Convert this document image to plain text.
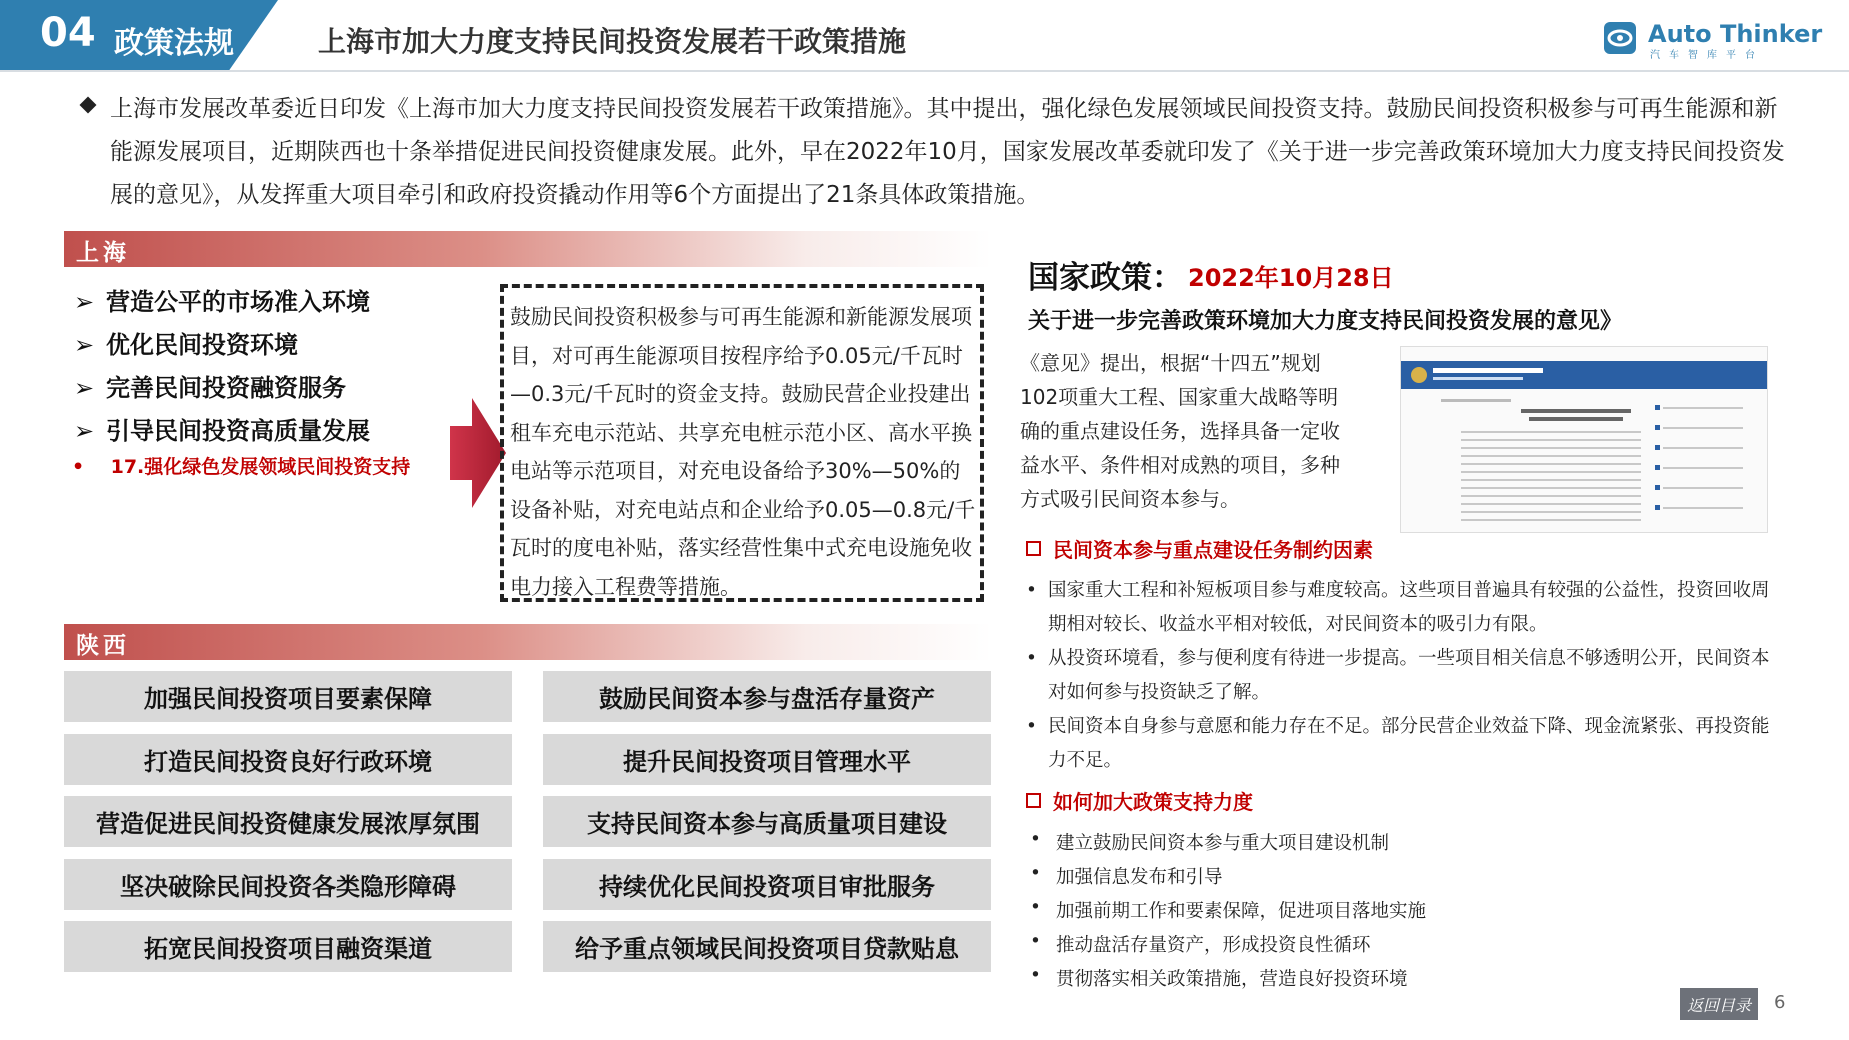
04 政策法规	上海市加大力度支持民间投资发展若干政策措施	Auto Thinker
汽车智库平台
上海市发展改革委近日印发《上海市加大力度支持民间投资发展若干政策措施》。其中提出，强化绿色发展领域民间投资支持。鼓励民间投资积极参与可再生能源和新能源发展项目，近期陕西也十条举措促进民间投资健康发展。此外，早在2022年10月，国家发展改革委就印发了《关于进一步完善政策环境加大力度支持民间投资发展的意见》，从发挥重大项目牵引和政府投资撬动作用等6个方面提出了21条具体政策措施。
上海
➢ 营造公平的市场准入环境
➢ 优化民间投资环境
➢ 完善民间投资融资服务
➢ 引导民间投资高质量发展
•    17.强化绿色发展领域民间投资支持
鼓励民间投资积极参与可再生能源和新能源发展项目，对可再生能源项目按程序给予0.05元/千瓦时—0.3元/千瓦时的资金支持。鼓励民营企业投建出租车充电示范站、共享充电桩示范小区、高水平换电站等示范项目，对充电设备给予30%—50%的设备补贴，对充电站点和企业给予0.05—0.8元/千瓦时的度电补贴，落实经营性集中式充电设施免收电力接入工程费等措施。
陕西
加强民间投资项目要素保障
打造民间投资良好行政环境
营造促进民间投资健康发展浓厚氛围
坚决破除民间投资各类隐形障碍
拓宽民间投资项目融资渠道
鼓励民间资本参与盘活存量资产
提升民间投资项目管理水平
支持民间资本参与高质量项目建设
持续优化民间投资项目审批服务
给予重点领域民间投资项目贷款贴息
国家政策： 2022年10月28日
关于进一步完善政策环境加大力度支持民间投资发展的意见》
《意见》提出，根据“十四五”规划102项重大工程、国家重大战略等明确的重点建设任务，选择具备一定收益水平、条件相对成熟的项目，多种方式吸引民间资本参与。
民间资本参与重点建设任务制约因素
• 国家重大工程和补短板项目参与难度较高。这些项目普遍具有较强的公益性，投资回收周期相对较长、收益水平相对较低，对民间资本的吸引力有限。
• 从投资环境看，参与便利度有待进一步提高。一些项目相关信息不够透明公开，民间资本对如何参与投资缺乏了解。
• 民间资本自身参与意愿和能力存在不足。部分民营企业效益下降、现金流紧张、再投资能力不足。
如何加大政策支持力度
• 建立鼓励民间资本参与重大项目建设机制
• 加强信息发布和引导
• 加强前期工作和要素保障，促进项目落地实施
• 推动盘活存量资产，形成投资良性循环
• 贯彻落实相关政策措施，营造良好投资环境
返回目录	6
